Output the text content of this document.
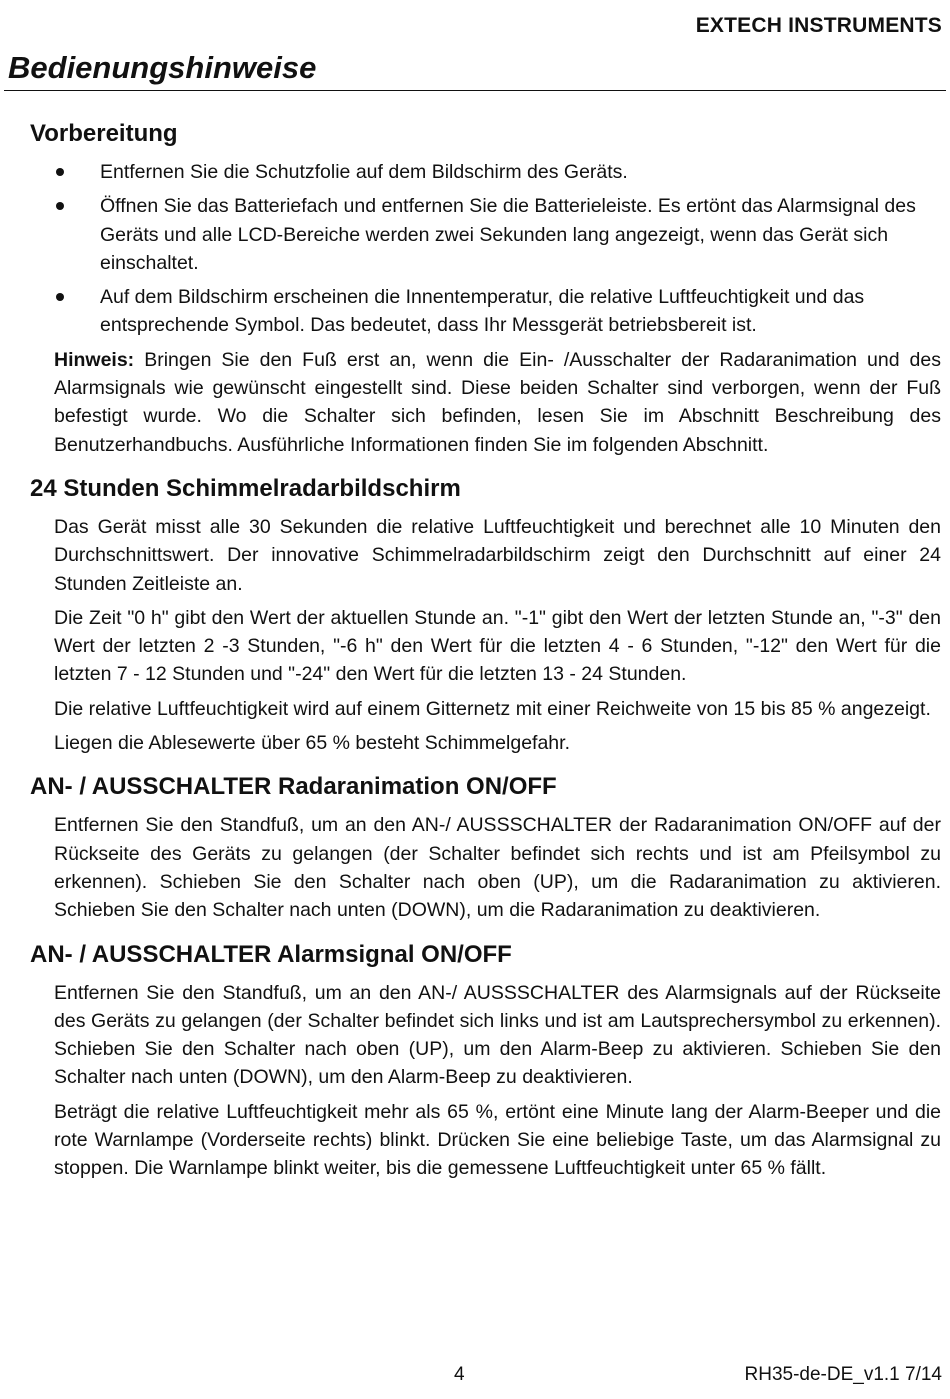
EXTECH INSTRUMENTS
Bedienungshinweise
Vorbereitung
Entfernen Sie die Schutzfolie auf dem Bildschirm des Geräts.
Öffnen Sie das Batteriefach und entfernen Sie die Batterieleiste. Es ertönt das Alarmsignal des Geräts und alle LCD-Bereiche werden zwei Sekunden lang angezeigt, wenn das Gerät sich einschaltet.
Auf dem Bildschirm erscheinen die Innentemperatur, die relative Luftfeuchtigkeit und das entsprechende Symbol. Das bedeutet, dass Ihr Messgerät betriebsbereit ist.

Hinweis: Bringen Sie den Fuß erst an, wenn die Ein- /Ausschalter der Radaranimation und des Alarmsignals wie gewünscht eingestellt sind. Diese beiden Schalter sind verborgen, wenn der Fuß befestigt wurde. Wo die Schalter sich befinden, lesen Sie im Abschnitt Beschreibung des Benutzerhandbuchs. Ausführliche Informationen finden Sie im folgenden Abschnitt.

24 Stunden Schimmelradarbildschirm

Das Gerät misst alle 30 Sekunden die relative Luftfeuchtigkeit und berechnet alle 10 Minuten den Durchschnittswert. Der innovative Schimmelradarbildschirm zeigt den Durchschnitt auf einer 24 Stunden Zeitleiste an.

Die Zeit "0 h" gibt den Wert der aktuellen Stunde an. "-1" gibt den Wert der letzten Stunde an, "-3" den Wert der letzten 2 -3 Stunden, "-6 h" den Wert für die letzten 4 - 6 Stunden, "-12" den Wert für die letzten 7 - 12 Stunden und "-24" den Wert für die letzten 13 - 24 Stunden.

Die relative Luftfeuchtigkeit wird auf einem Gitternetz mit einer Reichweite von 15 bis 85 % angezeigt.

Liegen die Ablesewerte über 65 % besteht Schimmelgefahr.

AN- / AUSSCHALTER Radaranimation ON/OFF

Entfernen Sie den Standfuß, um an den AN-/ AUSSSCHALTER der Radaranimation ON/OFF auf der Rückseite des Geräts zu gelangen (der Schalter befindet sich rechts und ist am Pfeilsymbol zu erkennen). Schieben Sie den Schalter nach oben (UP), um die Radaranimation zu aktivieren. Schieben Sie den Schalter nach unten (DOWN), um die Radaranimation zu deaktivieren.

AN- / AUSSCHALTER Alarmsignal ON/OFF

Entfernen Sie den Standfuß, um an den AN-/ AUSSSCHALTER des Alarmsignals auf der Rückseite des Geräts zu gelangen (der Schalter befindet sich links und ist am Lautsprechersymbol zu erkennen). Schieben Sie den Schalter nach oben (UP), um den Alarm-Beep zu aktivieren. Schieben Sie den Schalter nach unten (DOWN), um den Alarm-Beep zu deaktivieren.

Beträgt die relative Luftfeuchtigkeit mehr als 65 %, ertönt eine Minute lang der Alarm-Beeper und die rote Warnlampe (Vorderseite rechts) blinkt. Drücken Sie eine beliebige Taste, um das Alarmsignal zu stoppen. Die Warnlampe blinkt weiter, bis die gemessene Luftfeuchtigkeit unter 65 % fällt.

4	RH35-de-DE_v1.1 7/14
